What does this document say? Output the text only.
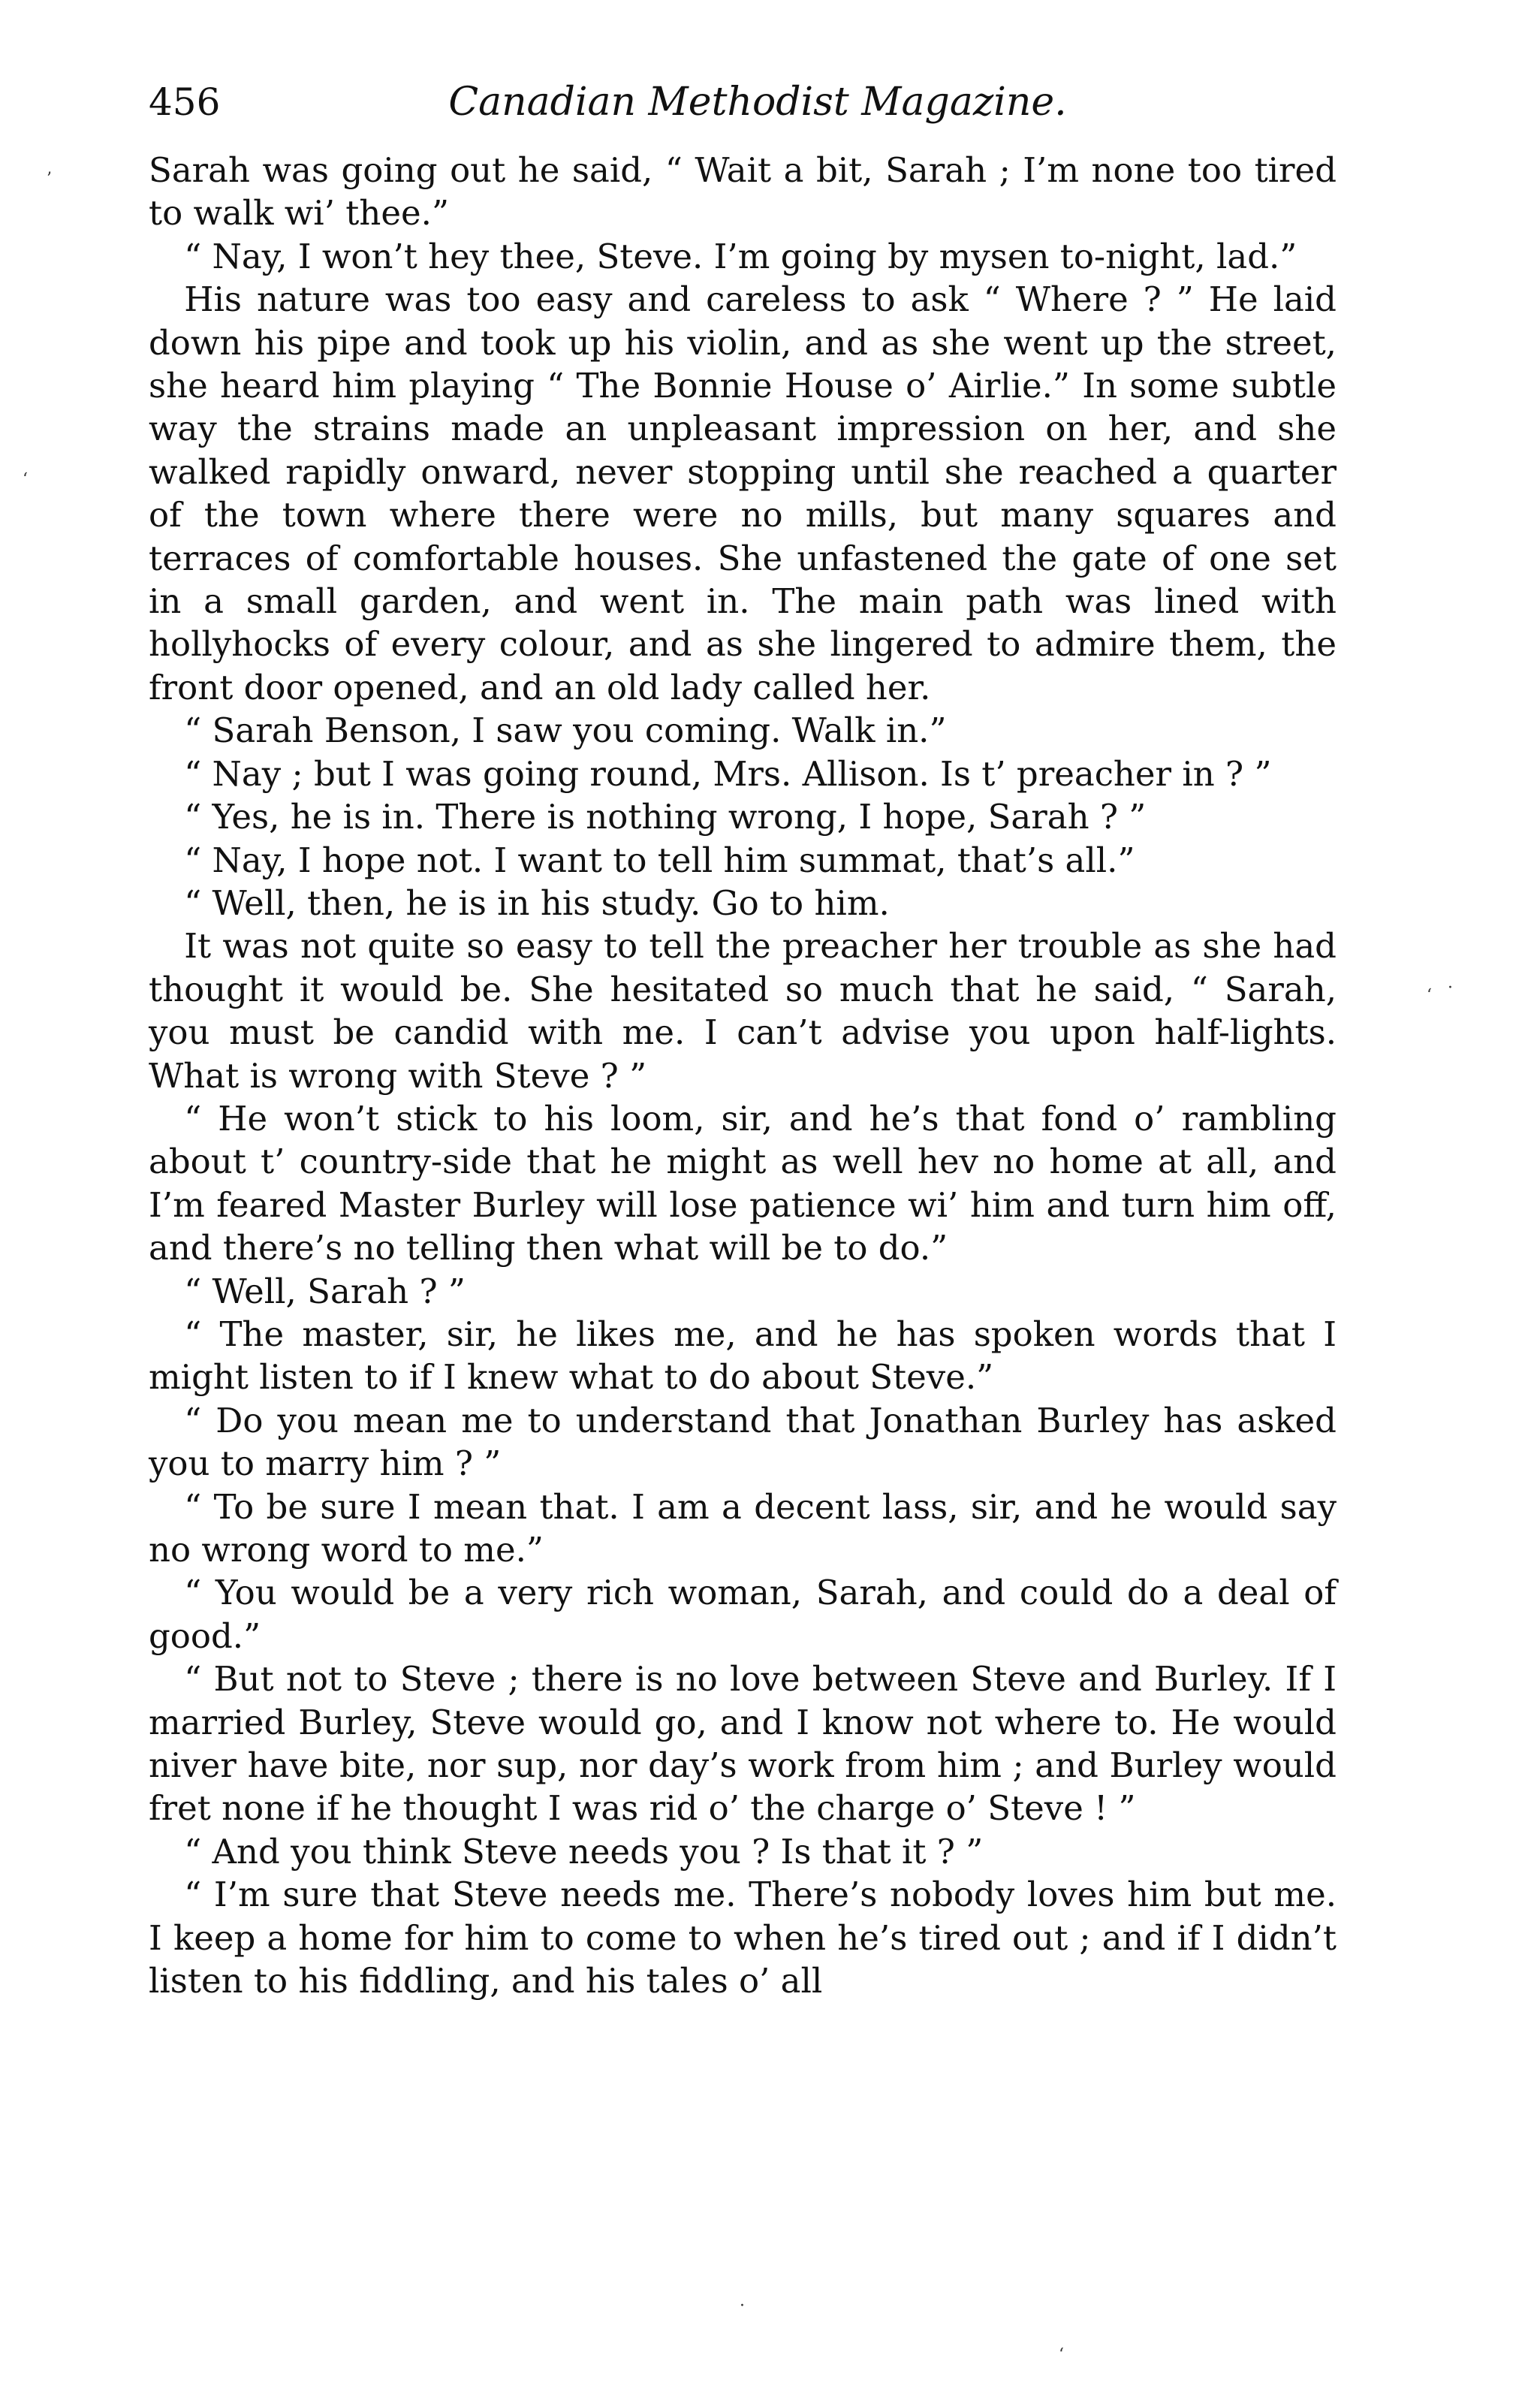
456	Canadian Methodist Magazine.

Sarah was going out he said, “ Wait a bit, Sarah ; I’m none too tired to walk wi’ thee.”

“ Nay, I won’t hey thee, Steve. I’m going by mysen to-night, lad.”

His nature was too easy and careless to ask “ Where ? ” He laid down his pipe and took up his violin, and as she went up the street, she heard him playing “ The Bonnie House o’ Airlie.” In some subtle way the strains made an unpleasant impression on her, and she walked rapidly onward, never stopping until she reached a quarter of the town where there were no mills, but many squares and terraces of comfortable houses. She unfastened the gate of one set in a small garden, and went in. The main path was lined with hollyhocks of every colour, and as she lingered to admire them, the front door opened, and an old lady called her.

“ Sarah Benson, I saw you coming. Walk in.”

“ Nay ; but I was going round, Mrs. Allison. Is t’ preacher in ? ”

“ Yes, he is in. There is nothing wrong, I hope, Sarah ? ”

“ Nay, I hope not. I want to tell him summat, that’s all.”

“ Well, then, he is in his study. Go to him.

It was not quite so easy to tell the preacher her trouble as she had thought it would be. She hesitated so much that he said, “ Sarah, you must be candid with me. I can’t advise you upon half-lights. What is wrong with Steve ? ”

“ He won’t stick to his loom, sir, and he’s that fond o’ rambling about t’ country-side that he might as well hev no home at all, and I’m feared Master Burley will lose patience wi’ him and turn him off, and there’s no telling then what will be to do.”

“ Well, Sarah ? ”

“ The master, sir, he likes me, and he has spoken words that I might listen to if I knew what to do about Steve.”

“ Do you mean me to understand that Jonathan Burley has asked you to marry him ? ”

“ To be sure I mean that. I am a decent lass, sir, and he would say no wrong word to me.”

“ You would be a very rich woman, Sarah, and could do a deal of good.”

“ But not to Steve ; there is no love between Steve and Burley. If I married Burley, Steve would go, and I know not where to. He would niver have bite, nor sup, nor day’s work from him ; and Burley would fret none if he thought I was rid o’ the charge o’ Steve ! ”

“ And you think Steve needs you ? Is that it ? ”

“ I’m sure that Steve needs me. There’s nobody loves him but me. I keep a home for him to come to when he’s tired out ; and if I didn’t listen to his fiddling, and his tales o’ all

’
‘
‘ ·
‘
·
